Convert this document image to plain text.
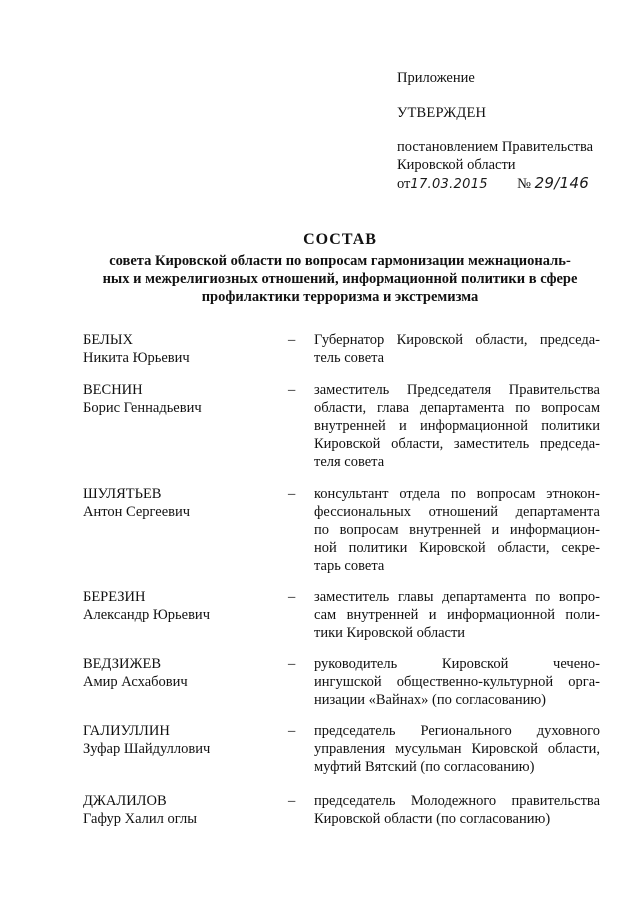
Приложение
УТВЕРЖДЕН
постановлением Правительства
Кировской области
от17.03.2015 № 29/146
СОСТАВ
совета Кировской области по вопросам гармонизации межнациональ-
ных и межрелигиозных отношений, информационной политики в сфере
профилактики терроризма и экстремизма
БЕЛЫХ
Никита Юрьевич
– Губернатор Кировской области, председа-
тель совета
ВЕСНИН
Борис Геннадьевич
– заместитель Председателя Правительства
области, глава департамента по вопросам
внутренней и информационной политики
Кировской области, заместитель председа-
теля совета
ШУЛЯТЬЕВ
Антон Сергеевич
– консультант отдела по вопросам этнокон-
фессиональных отношений департамента
по вопросам внутренней и информацион-
ной политики Кировской области, секре-
тарь совета
БЕРЕЗИН
Александр Юрьевич
– заместитель главы департамента по вопро-
сам внутренней и информационной поли-
тики Кировской области
ВЕДЗИЖЕВ
Амир Асхабович
– руководитель Кировской чечено-
ингушской общественно-культурной орга-
низации «Вайнах» (по согласованию)
ГАЛИУЛЛИН
Зуфар Шайдуллович
– председатель Регионального духовного
управления мусульман Кировской области,
муфтий Вятский (по согласованию)
ДЖАЛИЛОВ
Гафур Халил оглы
– председатель Молодежного правительства
Кировской области (по согласованию)
